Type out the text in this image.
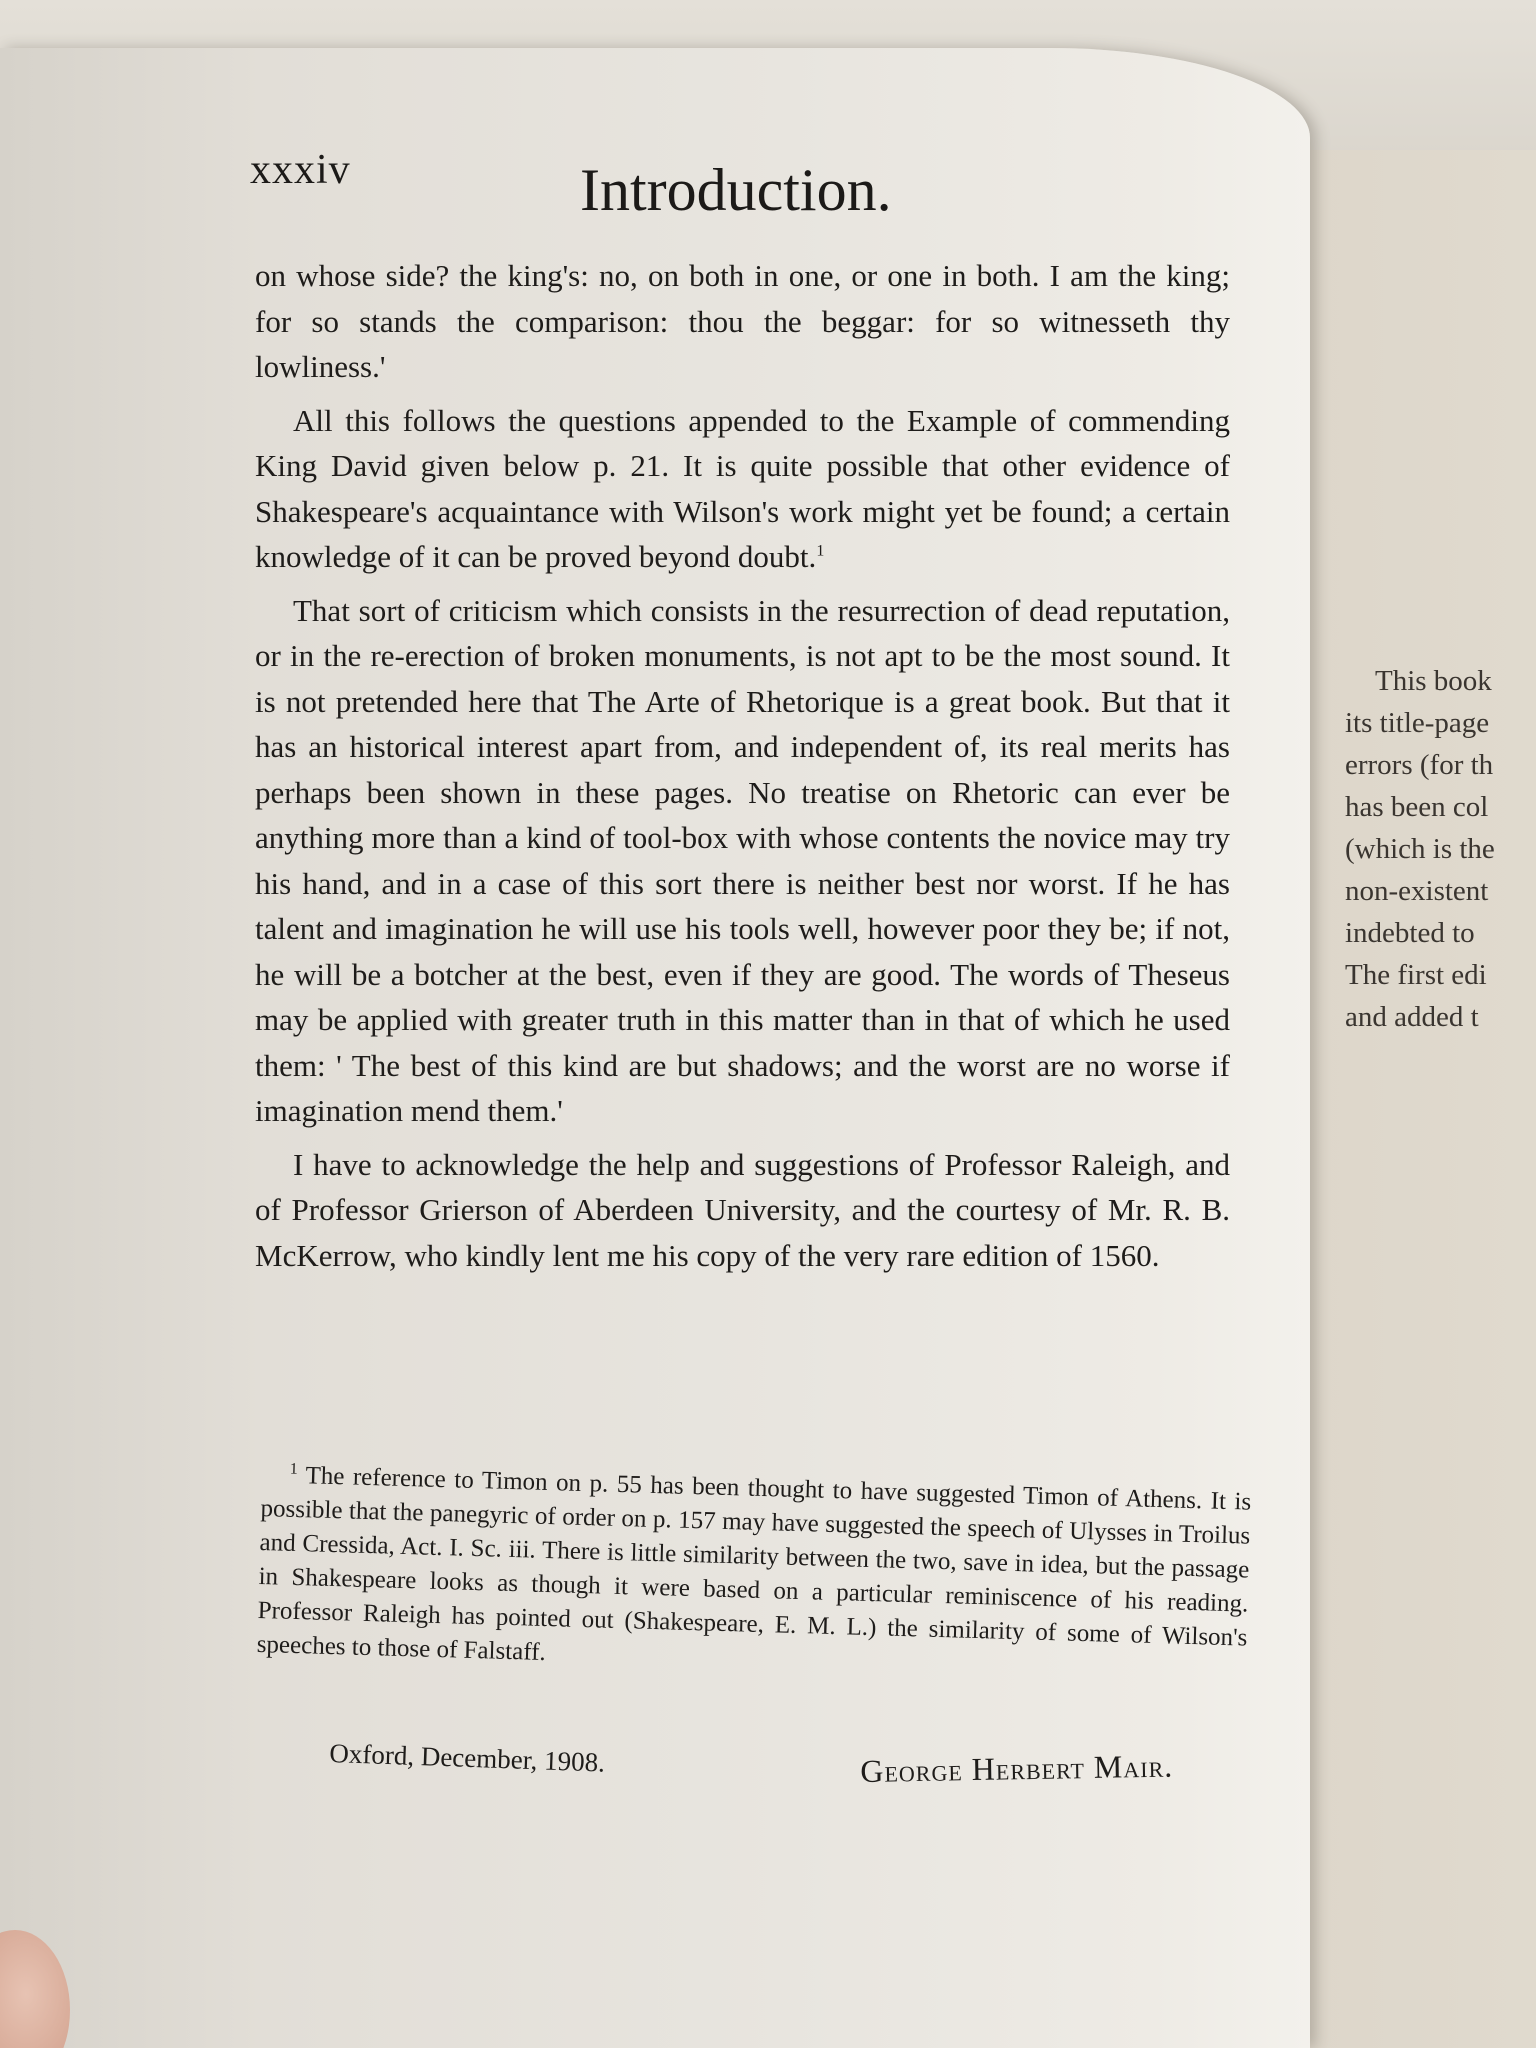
This book
its title-page
errors (for th
has been col
(which is the
non-existent
indebted to
The first edi
and added t
xxxiv	Introduction.

on whose side? the king's: no, on both in one, or one in both. I am the king; for so stands the comparison: thou the beggar: for so witnesseth thy lowliness.'

All this follows the questions appended to the Example of commending King David given below p. 21. It is quite possible that other evidence of Shakespeare's acquaintance with Wilson's work might yet be found; a certain knowledge of it can be proved beyond doubt.$^1$

That sort of criticism which consists in the resurrection of dead reputation, or in the re-erection of broken monuments, is not apt to be the most sound. It is not pretended here that The Arte of Rhetorique is a great book. But that it has an historical interest apart from, and independent of, its real merits has perhaps been shown in these pages. No treatise on Rhetoric can ever be anything more than a kind of tool-box with whose contents the novice may try his hand, and in a case of this sort there is neither best nor worst. If he has talent and imagination he will use his tools well, however poor they be; if not, he will be a botcher at the best, even if they are good. The words of Theseus may be applied with greater truth in this matter than in that of which he used them: ' The best of this kind are but shadows; and the worst are no worse if imagination mend them.'

I have to acknowledge the help and suggestions of Professor Raleigh, and of Professor Grierson of Aberdeen University, and the courtesy of Mr. R. B. McKerrow, who kindly lent me his copy of the very rare edition of 1560.

$^1$ The reference to Timon on p. 55 has been thought to have suggested Timon of Athens. It is possible that the panegyric of order on p. 157 may have suggested the speech of Ulysses in Troilus and Cressida, Act. I. Sc. iii. There is little similarity between the two, save in idea, but the passage in Shakespeare looks as though it were based on a particular reminiscence of his reading. Professor Raleigh has pointed out (Shakespeare, E. M. L.) the similarity of some of Wilson's speeches to those of Falstaff.
Oxford, December, 1908.	George Herbert Mair.
